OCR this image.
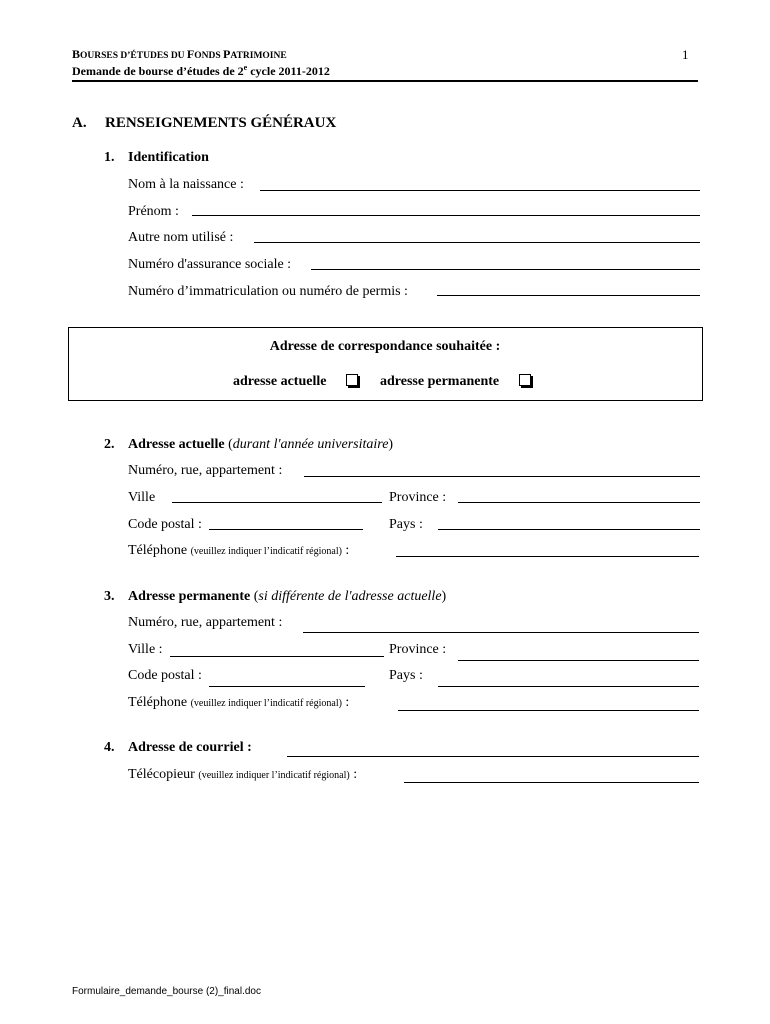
BOURSES D’ÉTUDES DU FONDS PATRIMOINE
Demande de bourse d’études de 2e cycle 2011-2012
1
A. RENSEIGNEMENTS GÉNÉRAUX
1. Identification
Nom à la naissance :
Prénom :
Autre nom utilisé :
Numéro d'assurance sociale :
Numéro d’immatriculation ou numéro de permis :
Adresse de correspondance souhaitée :
adresse actuelle	adresse permanente
2. Adresse actuelle (durant l'année universitaire)
Numéro, rue, appartement :
Ville	Province :
Code postal :	Pays :
Téléphone (veuillez indiquer l’indicatif régional) :
3. Adresse permanente (si différente de l'adresse actuelle)
Numéro, rue, appartement :
Ville :	Province :
Code postal :	Pays :
Téléphone (veuillez indiquer l’indicatif régional) :
4. Adresse de courriel :
Télécopieur (veuillez indiquer l’indicatif régional) :
Formulaire_demande_bourse (2)_final.doc
